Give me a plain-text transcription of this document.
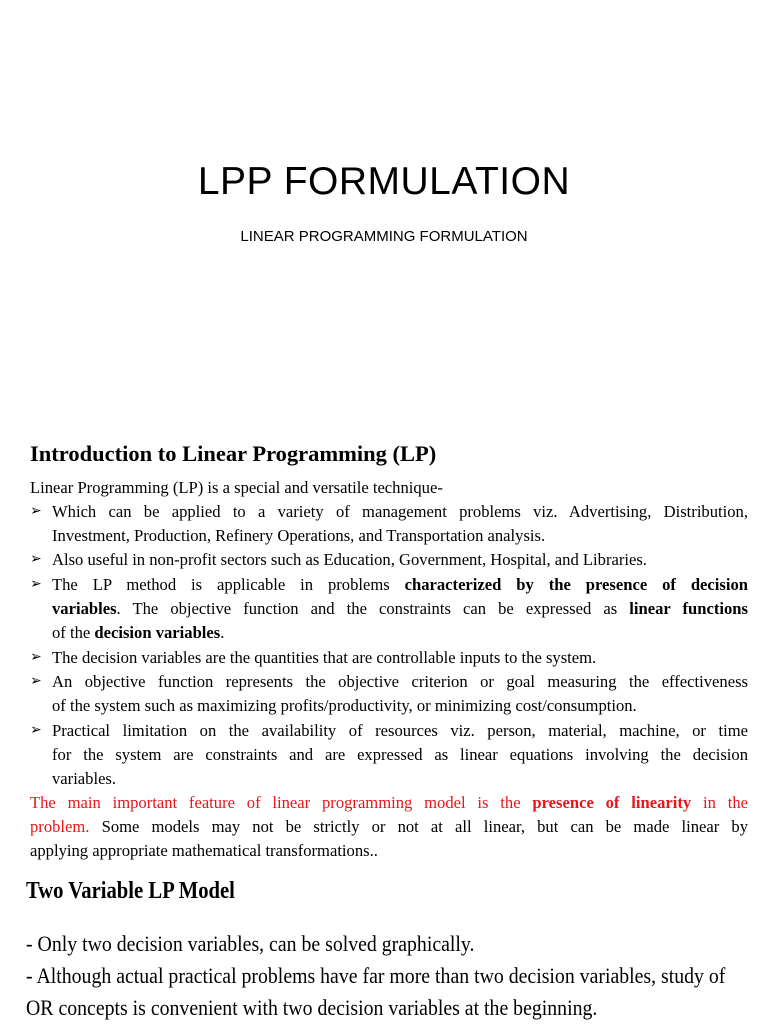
LPP FORMULATION
LINEAR PROGRAMMING FORMULATION
Introduction to Linear Programming (LP)
Linear Programming (LP) is a special and versatile technique-
➢ Which can be applied to a variety of management problems viz. Advertising, Distribution,
Investment, Production, Refinery Operations, and Transportation analysis.
➢ Also useful in non-profit sectors such as Education, Government, Hospital, and Libraries.
➢ The LP method is applicable in problems characterized by the presence of decision
variables. The objective function and the constraints can be expressed as linear functions
of the decision variables.
➢ The decision variables are the quantities that are controllable inputs to the system.
➢ An objective function represents the objective criterion or goal measuring the effectiveness
of the system such as maximizing profits/productivity, or minimizing cost/consumption.
➢ Practical limitation on the availability of resources viz. person, material, machine, or time
for the system are constraints and are expressed as linear equations involving the decision
variables.
The main important feature of linear programming model is the presence of linearity in the
problem. Some models may not be strictly or not at all linear, but can be made linear by
applying appropriate mathematical transformations..
Two Variable LP Model
- Only two decision variables, can be solved graphically.
- Although actual practical problems have far more than two decision variables, study of
OR concepts is convenient with two decision variables at the beginning.
